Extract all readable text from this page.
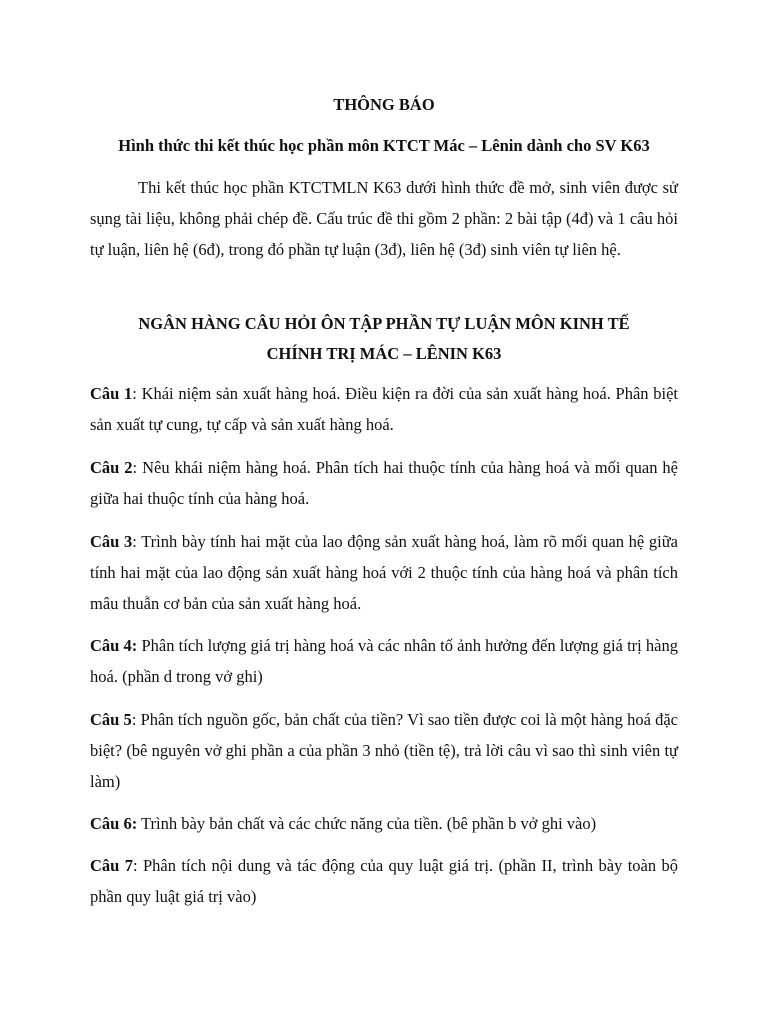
THÔNG BÁO
Hình thức thi kết thúc học phần môn KTCT Mác – Lênin dành cho SV K63
Thi kết thúc học phần KTCTMLN K63 dưới hình thức đề mở, sinh viên được sử sụng tài liệu, không phải chép đề. Cấu trúc đề thi gồm 2 phần: 2 bài tập (4đ) và 1 câu hỏi tự luận, liên hệ (6đ), trong đó phần tự luận (3đ), liên hệ (3đ) sinh viên tự liên hệ.
NGÂN HÀNG CÂU HỎI ÔN TẬP PHẦN TỰ LUẬN MÔN KINH TẾ
CHÍNH TRỊ MÁC – LÊNIN K63
Câu 1: Khái niệm sản xuất hàng hoá. Điều kiện ra đời của sản xuất hàng hoá. Phân biệt sản xuất tự cung, tự cấp và sản xuất hàng hoá.
Câu 2: Nêu khái niệm hàng hoá. Phân tích hai thuộc tính của hàng hoá và mối quan hệ giữa hai thuộc tính của hàng hoá.
Câu 3: Trình bày tính hai mặt của lao động sản xuất hàng hoá, làm rõ mối quan hệ giữa tính hai mặt của lao động sản xuất hàng hoá với 2 thuộc tính của hàng hoá và phân tích mâu thuẫn cơ bản của sản xuất hàng hoá.
Câu 4: Phân tích lượng giá trị hàng hoá và các nhân tố ảnh hưởng đến lượng giá trị hàng hoá. (phần d trong vở ghi)
Câu 5: Phân tích nguồn gốc, bản chất của tiền? Vì sao tiền được coi là một hàng hoá đặc biệt? (bê nguyên vở ghi phần a của phần 3 nhỏ (tiền tệ), trả lời câu vì sao thì sinh viên tự làm)
Câu 6: Trình bày bản chất và các chức năng của tiền. (bê phần b vở ghi vào)
Câu 7: Phân tích nội dung và tác động của quy luật giá trị. (phần II, trình bày toàn bộ phần quy luật giá trị vào)
